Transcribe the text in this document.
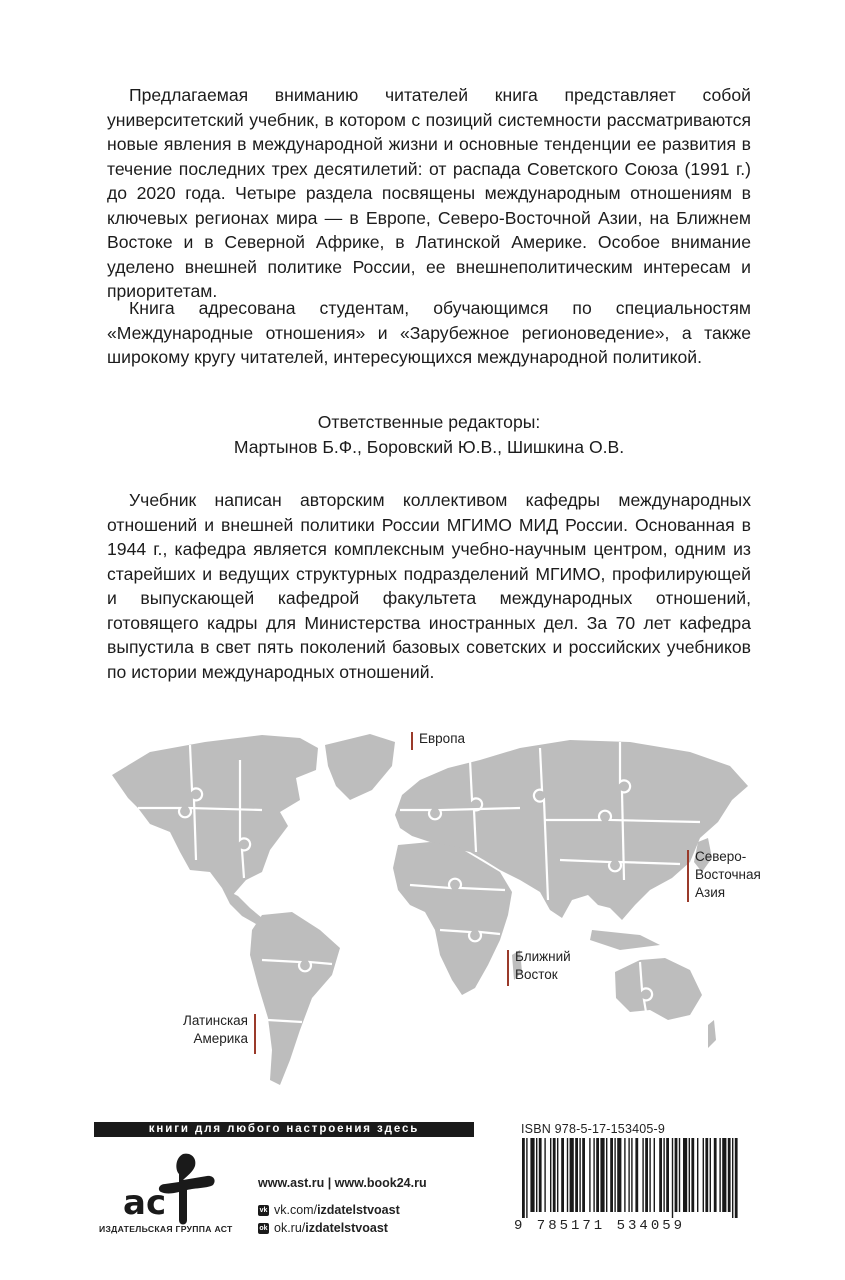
Предлагаемая вниманию читателей книга представляет собой университетский учебник, в котором с позиций системности рассматриваются новые явления в международной жизни и основные тенденции ее развития в течение последних трех десятилетий: от распада Советского Союза (1991 г.) до 2020 года. Четыре раздела посвящены международным отношениям в ключевых регионах мира — в Европе, Северо-Восточной Азии, на Ближнем Востоке и в Северной Африке, в Латинской Америке. Особое внимание уделено внешней политике России, ее внешнеполитическим интересам и приоритетам.

Книга адресована студентам, обучающимся по специальностям «Международные отношения» и «Зарубежное регионоведение», а также широкому кругу читателей, интересующихся международной политикой.

Ответственные редакторы:
Мартынов Б.Ф., Боровский Ю.В., Шишкина О.В.

Учебник написан авторским коллективом кафедры международных отношений и внешней политики России МГИМО МИД России. Основанная в 1944 г., кафедра является комплексным учебно-научным центром, одним из старейших и ведущих структурных подразделений МГИМО, профилирующей и выпускающей кафедрой факультета международных отношений, готовящего кадры для Министерства иностранных дел. За 70 лет кафедра выпустила в свет пять поколений базовых советских и российских учебников по истории международных отношений.

Европа
Северо-
Восточная
Азия
Ближний
Восток
Латинская
Америка
книги для любого настроения здесь
ас
ИЗДАТЕЛЬСКАЯ ГРУППА АСТ
www.ast.ru | www.book24.ru
vk vk.com/ izdatelstvoast
ok ok.ru/ izdatelstvoast
ISBN 978-5-17-153405-9
9 785171 534059
